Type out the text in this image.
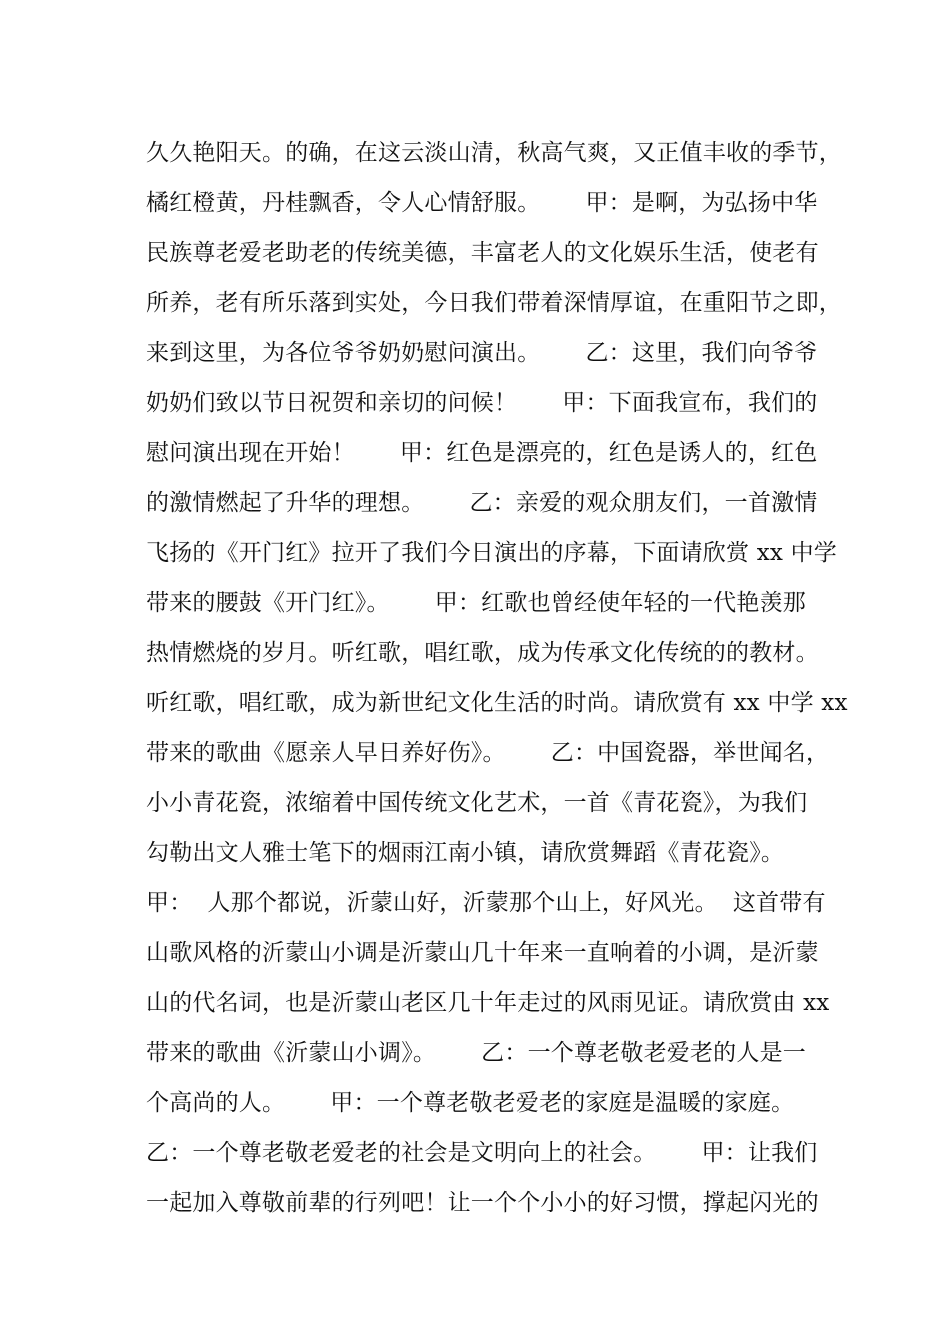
久久艳阳天。的确，在这云淡山清，秋高气爽，又正值丰收的季节，
橘红橙黄，丹桂飘香，令人心情舒服。      甲：是啊，为弘扬中华
民族尊老爱老助老的传统美德，丰富老人的文化娱乐生活，使老有
所养，老有所乐落到实处，今日我们带着深情厚谊，在重阳节之即，
来到这里，为各位爷爷奶奶慰问演出。      乙：这里，我们向爷爷
奶奶们致以节日祝贺和亲切的问候！      甲：下面我宣布，我们的
慰问演出现在开始！      甲：红色是漂亮的，红色是诱人的，红色
的激情燃起了升华的理想。      乙：亲爱的观众朋友们，一首激情
飞扬的《开门红》拉开了我们今日演出的序幕，下面请欣赏 xx 中学
带来的腰鼓《开门红》。      甲：红歌也曾经使年轻的一代艳羡那
热情燃烧的岁月。听红歌，唱红歌，成为传承文化传统的的教材。
听红歌，唱红歌，成为新世纪文化生活的时尚。请欣赏有 xx 中学 xx
带来的歌曲《愿亲人早日养好伤》。      乙：中国瓷器，举世闻名，
小小青花瓷，浓缩着中国传统文化艺术，一首《青花瓷》，为我们
勾勒出文人雅士笔下的烟雨江南小镇，请欣赏舞蹈《青花瓷》。
甲：  人那个都说，沂蒙山好，沂蒙那个山上，好风光。  这首带有
山歌风格的沂蒙山小调是沂蒙山几十年来一直响着的小调，是沂蒙
山的代名词，也是沂蒙山老区几十年走过的风雨见证。请欣赏由 xx
带来的歌曲《沂蒙山小调》。      乙：一个尊老敬老爱老的人是一
个高尚的人。      甲：一个尊老敬老爱老的家庭是温暖的家庭。
乙：一个尊老敬老爱老的社会是文明向上的社会。      甲：让我们
一起加入尊敬前辈的行列吧！让一个个小小的好习惯，撑起闪光的
